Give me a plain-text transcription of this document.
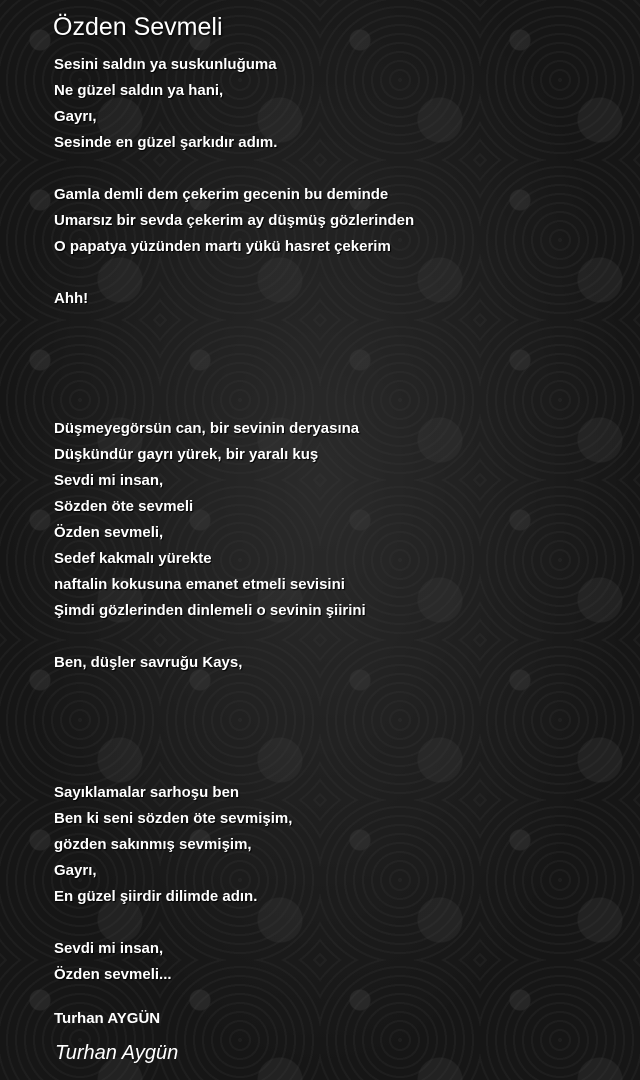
Özden Sevmeli
Sesini saldın ya suskunluğuma
Ne güzel saldın ya hani,
Gayrı,
Sesinde en güzel şarkıdır adım.
Gamla demli dem çekerim gecenin bu deminde
Umarsız bir sevda çekerim ay düşmüş gözlerinden
O papatya yüzünden martı yükü hasret çekerim
Ahh!
Düşmeyegörsün can, bir sevinin deryasına
Düşkündür gayrı yürek, bir yaralı kuş
Sevdi mi insan,
Sözden öte sevmeli
Özden sevmeli,
Sedef kakmalı yürekte
naftalin kokusuna emanet etmeli sevisini
Şimdi gözlerinden dinlemeli o sevinin şiirini
Ben, düşler savruğu Kays,
Sayıklamalar sarhoşu ben
Ben ki seni sözden öte sevmişim,
gözden sakınmış sevmişim,
Gayrı,
En güzel şiirdir dilimde adın.
Sevdi mi insan,
Özden sevmeli...
Turhan AYGÜN
Turhan Aygün
